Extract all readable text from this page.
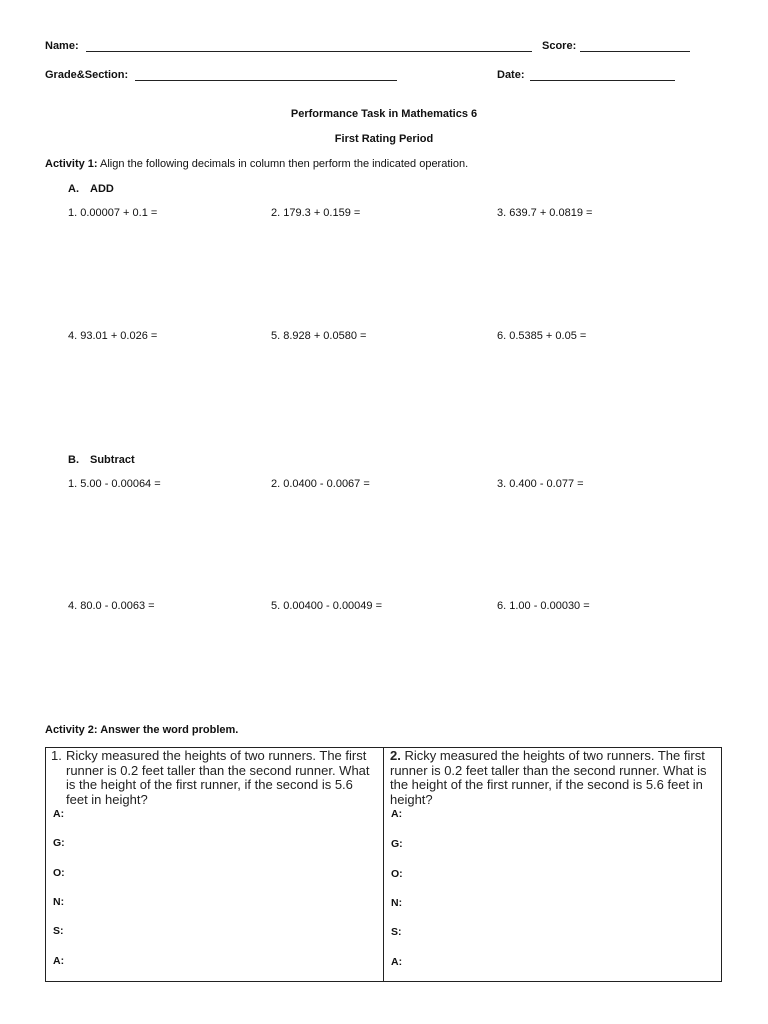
Name:	Score:
Grade&Section:	Date:
Performance Task in Mathematics 6
First Rating Period
Activity 1: Align the following decimals in column then perform the indicated operation.
A. ADD
1. 0.00007 + 0.1 =	2. 179.3 + 0.159 =	3. 639.7 + 0.0819 =
4. 93.01 + 0.026 =	5. 8.928 + 0.0580 =	6. 0.5385 + 0.05 =
B. Subtract
1. 5.00 - 0.00064 =	2. 0.0400 - 0.0067 =	3. 0.400 - 0.077 =
4. 80.0 - 0.0063 =	5. 0.00400 - 0.00049 =	6. 1.00 - 0.00030 =
Activity 2: Answer the word problem.
1. Ricky measured the heights of two runners. The first runner is 0.2 feet taller than the second runner. What is the height of the first runner, if the second is 5.6 feet in height?
A:
G:
O:
N:
S:
A:
2. Ricky measured the heights of two runners. The first runner is 0.2 feet taller than the second runner. What is the height of the first runner, if the second is 5.6 feet in height?
A:
G:
O:
N:
S:
A:
